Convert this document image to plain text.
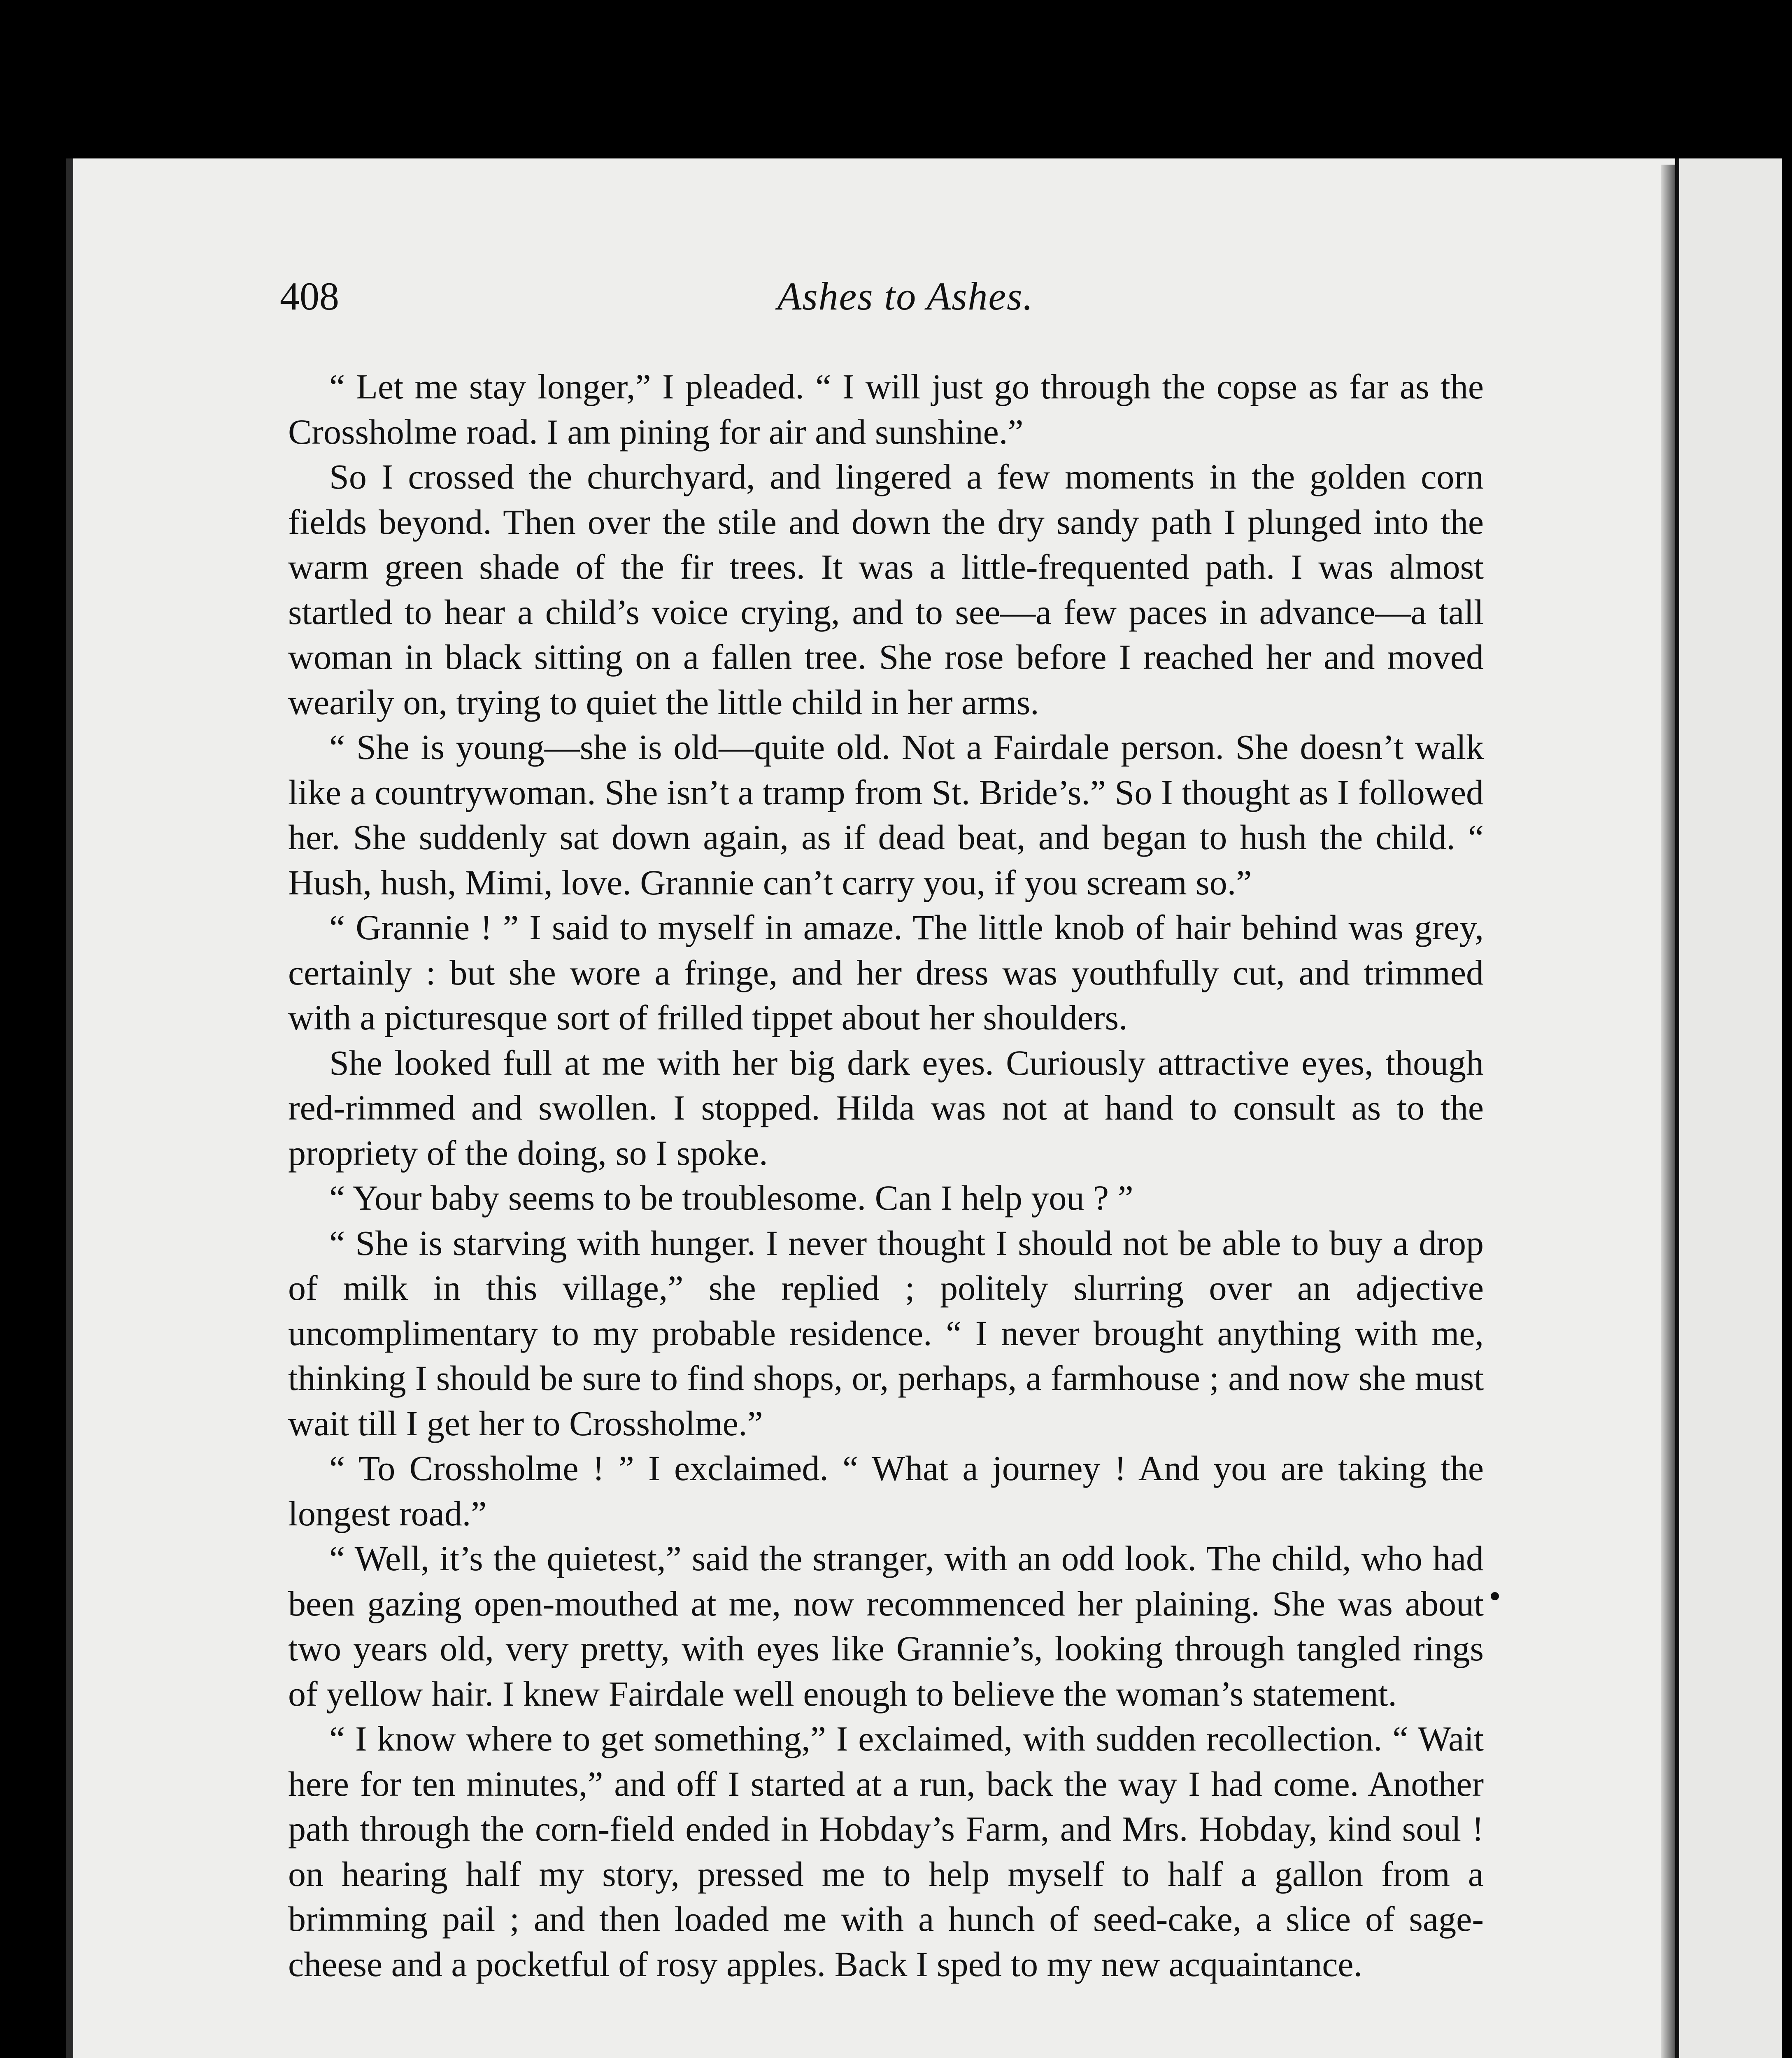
408	Ashes to Ashes.

“ Let me stay longer,” I pleaded. “ I will just go through the copse as far as the Crossholme road. I am pining for air and sunshine.”

So I crossed the churchyard, and lingered a few moments in the golden corn fields beyond. Then over the stile and down the dry sandy path I plunged into the warm green shade of the fir trees. It was a little-frequented path. I was almost startled to hear a child’s voice crying, and to see—a few paces in advance—a tall woman in black sitting on a fallen tree. She rose before I reached her and moved wearily on, trying to quiet the little child in her arms.

“ She is young—she is old—quite old. Not a Fairdale person. She doesn’t walk like a countrywoman. She isn’t a tramp from St. Bride’s.” So I thought as I followed her. She suddenly sat down again, as if dead beat, and began to hush the child. “ Hush, hush, Mimi, love. Grannie can’t carry you, if you scream so.”

“ Grannie ! ” I said to myself in amaze. The little knob of hair behind was grey, certainly : but she wore a fringe, and her dress was youthfully cut, and trimmed with a picturesque sort of frilled tippet about her shoulders.

She looked full at me with her big dark eyes. Curiously attractive eyes, though red-rimmed and swollen. I stopped. Hilda was not at hand to consult as to the propriety of the doing, so I spoke.

“ Your baby seems to be troublesome. Can I help you ? ”

“ She is starving with hunger. I never thought I should not be able to buy a drop of milk in this village,” she replied ; politely slurring over an adjective uncomplimentary to my probable residence. “ I never brought anything with me, thinking I should be sure to find shops, or, perhaps, a farmhouse ; and now she must wait till I get her to Crossholme.”

“ To Crossholme ! ” I exclaimed. “ What a journey ! And you are taking the longest road.”

“ Well, it’s the quietest,” said the stranger, with an odd look. The child, who had been gazing open-mouthed at me, now recommenced her plaining. She was about two years old, very pretty, with eyes like Grannie’s, looking through tangled rings of yellow hair. I knew Fairdale well enough to believe the woman’s statement.

“ I know where to get something,” I exclaimed, with sudden recollection. “ Wait here for ten minutes,” and off I started at a run, back the way I had come. Another path through the corn-field ended in Hobday’s Farm, and Mrs. Hobday, kind soul ! on hearing half my story, pressed me to help myself to half a gallon from a brimming pail ; and then loaded me with a hunch of seed-cake, a slice of sage-cheese and a pocketful of rosy apples. Back I sped to my new acquaintance.
